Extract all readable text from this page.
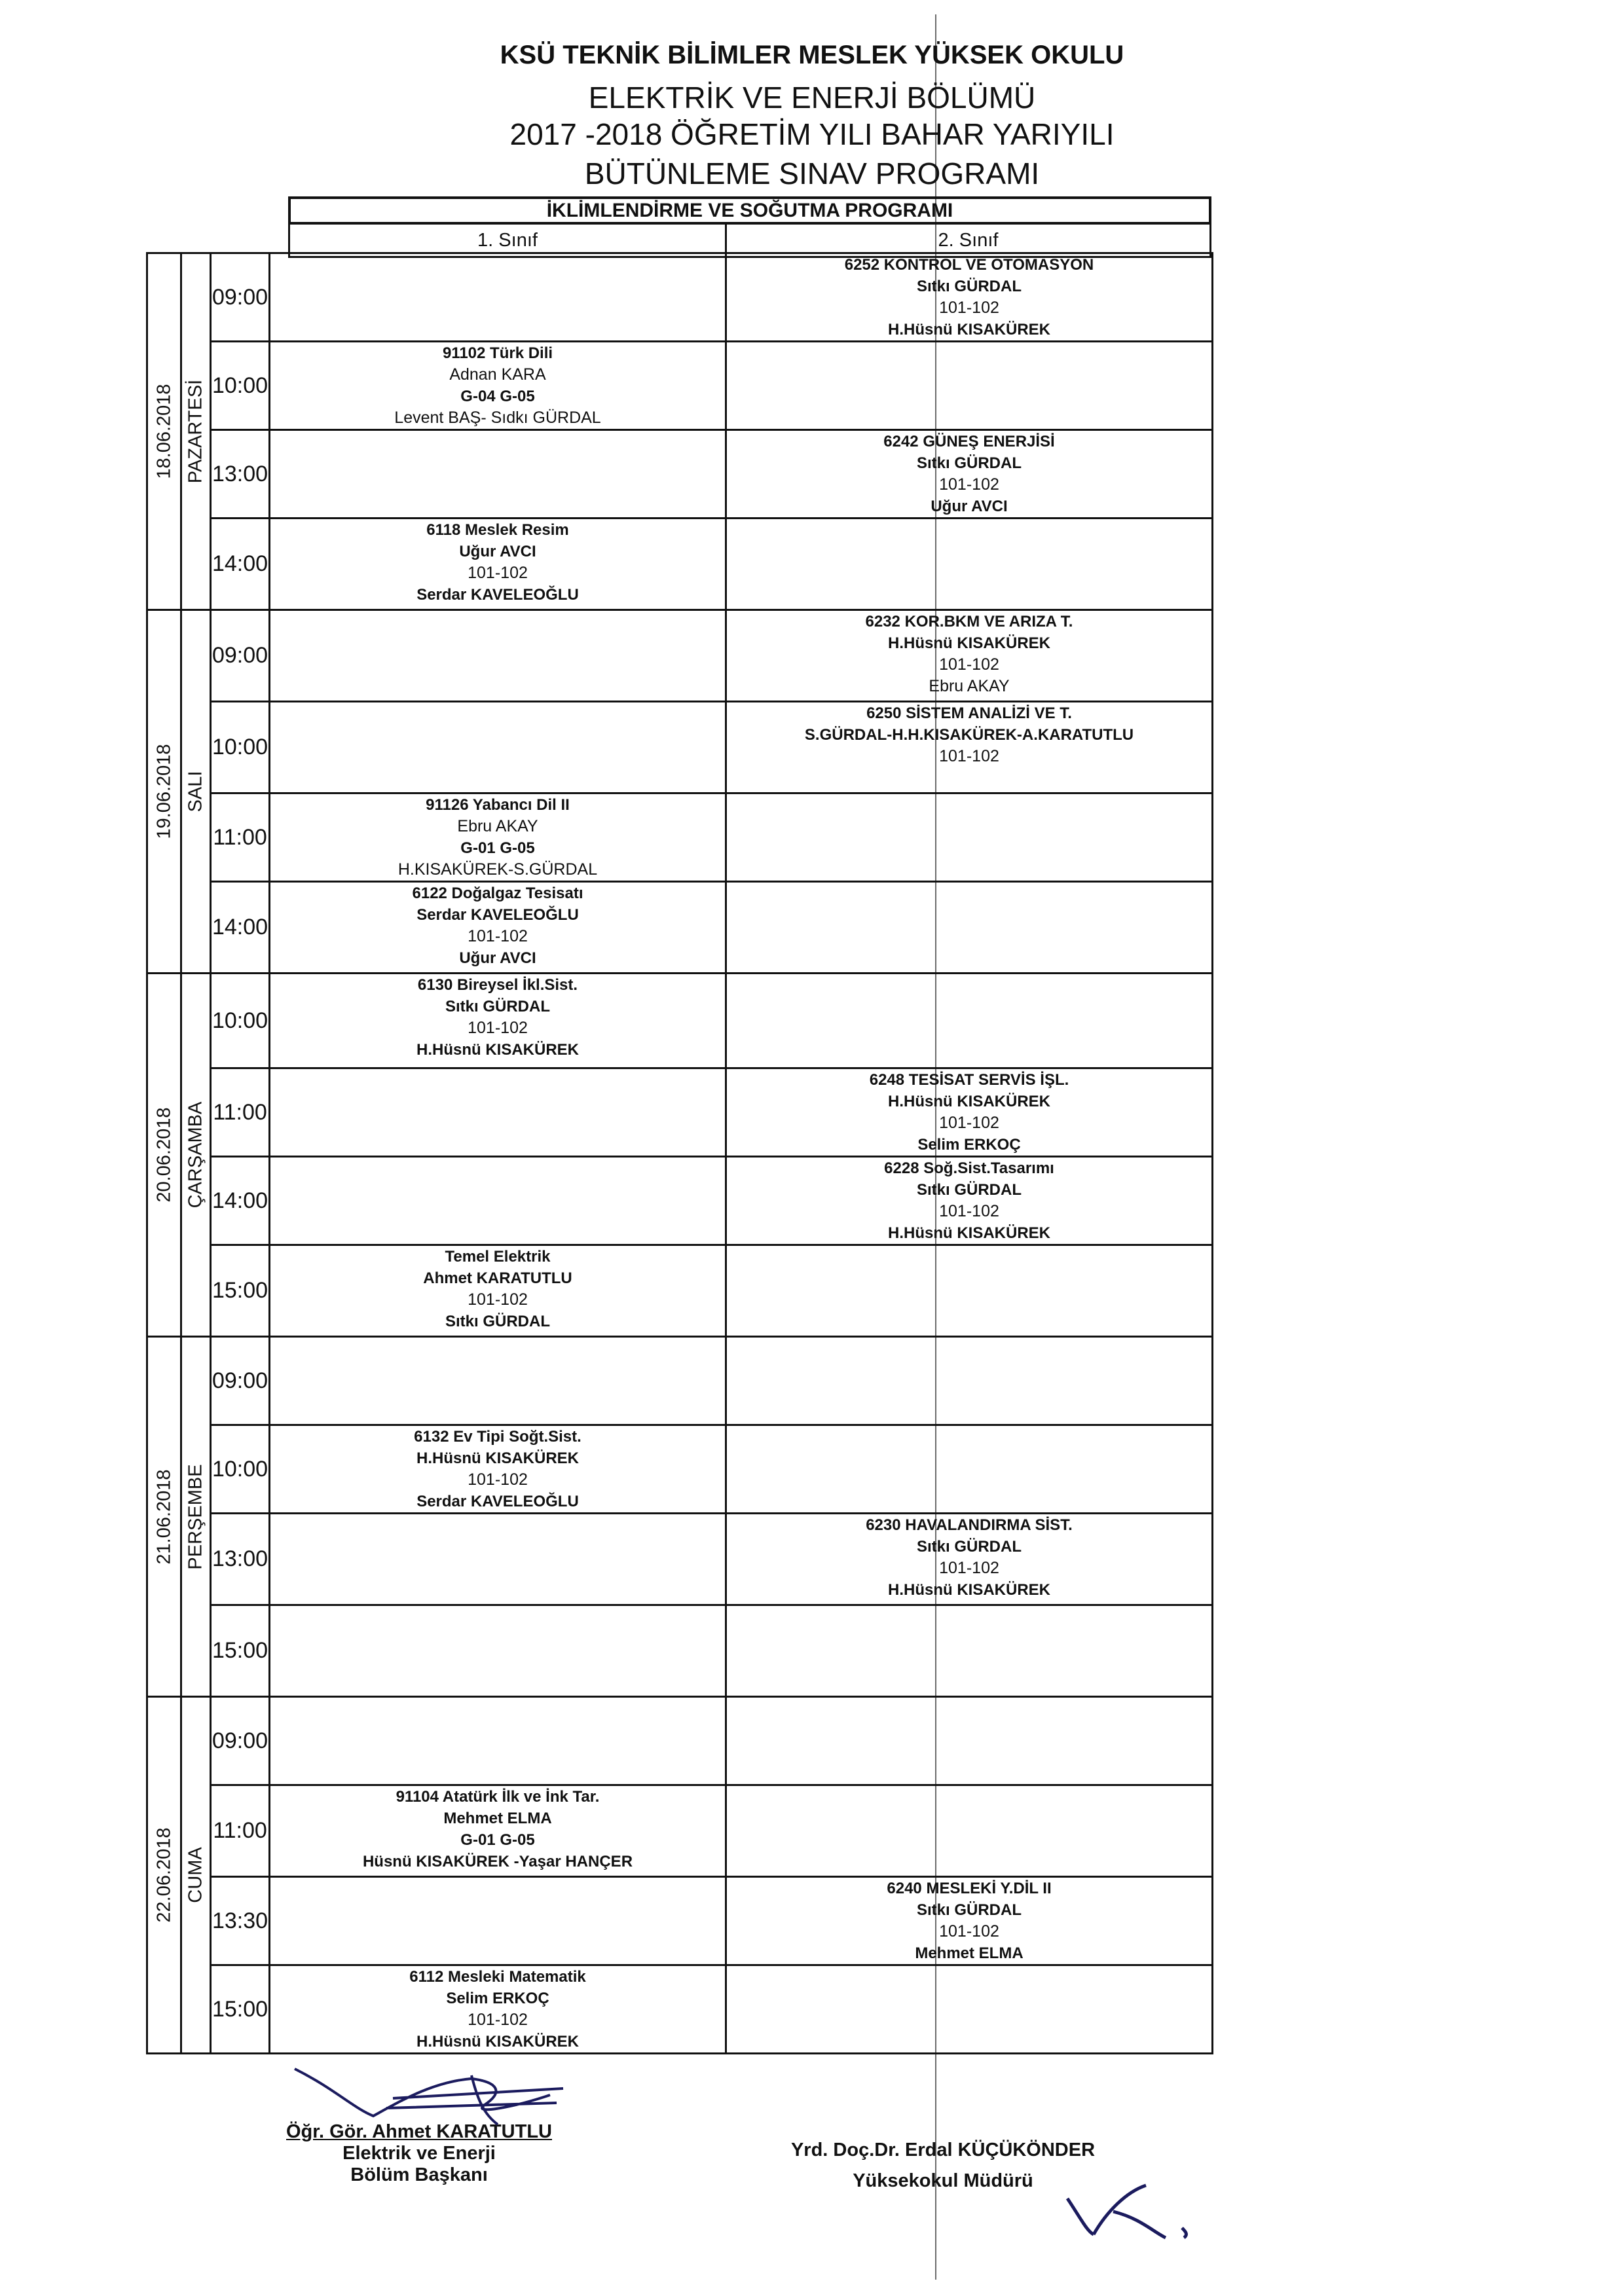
KSÜ TEKNİK BİLİMLER MESLEK YÜKSEK OKULU
ELEKTRİK VE ENERJİ BÖLÜMÜ
2017 -2018 ÖĞRETİM YILI BAHAR YARIYILI
BÜTÜNLEME SINAV PROGRAMI
İKLİMLENDİRME VE SOĞUTMA PROGRAMI
1. Sınıf	2. Sınıf
18.06.2018 PAZARTESİ
09:00
6252 KONTROL VE OTOMASYON
Sıtkı GÜRDAL
101-102
H.Hüsnü KISAKÜREK
10:00
91102 Türk Dili
Adnan KARA
G-04 G-05
Levent BAŞ- Sıdkı GÜRDAL
13:00
6242 GÜNEŞ ENERJİSİ
Sıtkı GÜRDAL
101-102
Uğur AVCI
14:00
6118 Meslek Resim
Uğur AVCI
101-102
Serdar KAVELEOĞLU
19.06.2018 SALI
09:00
6232 KOR.BKM VE ARIZA T.
H.Hüsnü KISAKÜREK
101-102
Ebru AKAY
10:00
6250 SİSTEM ANALİZİ VE T.
S.GÜRDAL-H.H.KISAKÜREK-A.KARATUTLU
101-102
11:00
91126 Yabancı Dil II
Ebru AKAY
G-01 G-05
H.KISAKÜREK-S.GÜRDAL
14:00
6122 Doğalgaz Tesisatı
Serdar KAVELEOĞLU
101-102
Uğur AVCI
20.06.2018 ÇARŞAMBA
10:00
6130 Bireysel İkl.Sist.
Sıtkı GÜRDAL
101-102
H.Hüsnü KISAKÜREK
11:00
6248 TESİSAT SERVİS İŞL.
H.Hüsnü KISAKÜREK
101-102
Selim ERKOÇ
14:00
6228 Soğ.Sist.Tasarımı
Sıtkı GÜRDAL
101-102
H.Hüsnü KISAKÜREK
15:00
Temel Elektrik
Ahmet KARATUTLU
101-102
Sıtkı GÜRDAL
21.06.2018 PERŞEMBE
09:00
10:00
6132 Ev Tipi Soğt.Sist.
H.Hüsnü KISAKÜREK
101-102
Serdar KAVELEOĞLU
13:00
6230 HAVALANDIRMA SİST.
Sıtkı GÜRDAL
101-102
H.Hüsnü KISAKÜREK
15:00
22.06.2018 CUMA
09:00
11:00
91104 Atatürk İlk ve İnk Tar.
Mehmet ELMA
G-01 G-05
Hüsnü KISAKÜREK -Yaşar HANÇER
13:30
6240 MESLEKİ Y.DİL II
Sıtkı GÜRDAL
101-102
Mehmet ELMA
15:00
6112 Mesleki Matematik
Selim ERKOÇ
101-102
H.Hüsnü KISAKÜREK
Öğr. Gör. Ahmet KARATUTLU
Elektrik ve Enerji
Bölüm Başkanı
Yrd. Doç.Dr. Erdal KÜÇÜKÖNDER
Yüksekokul Müdürü
